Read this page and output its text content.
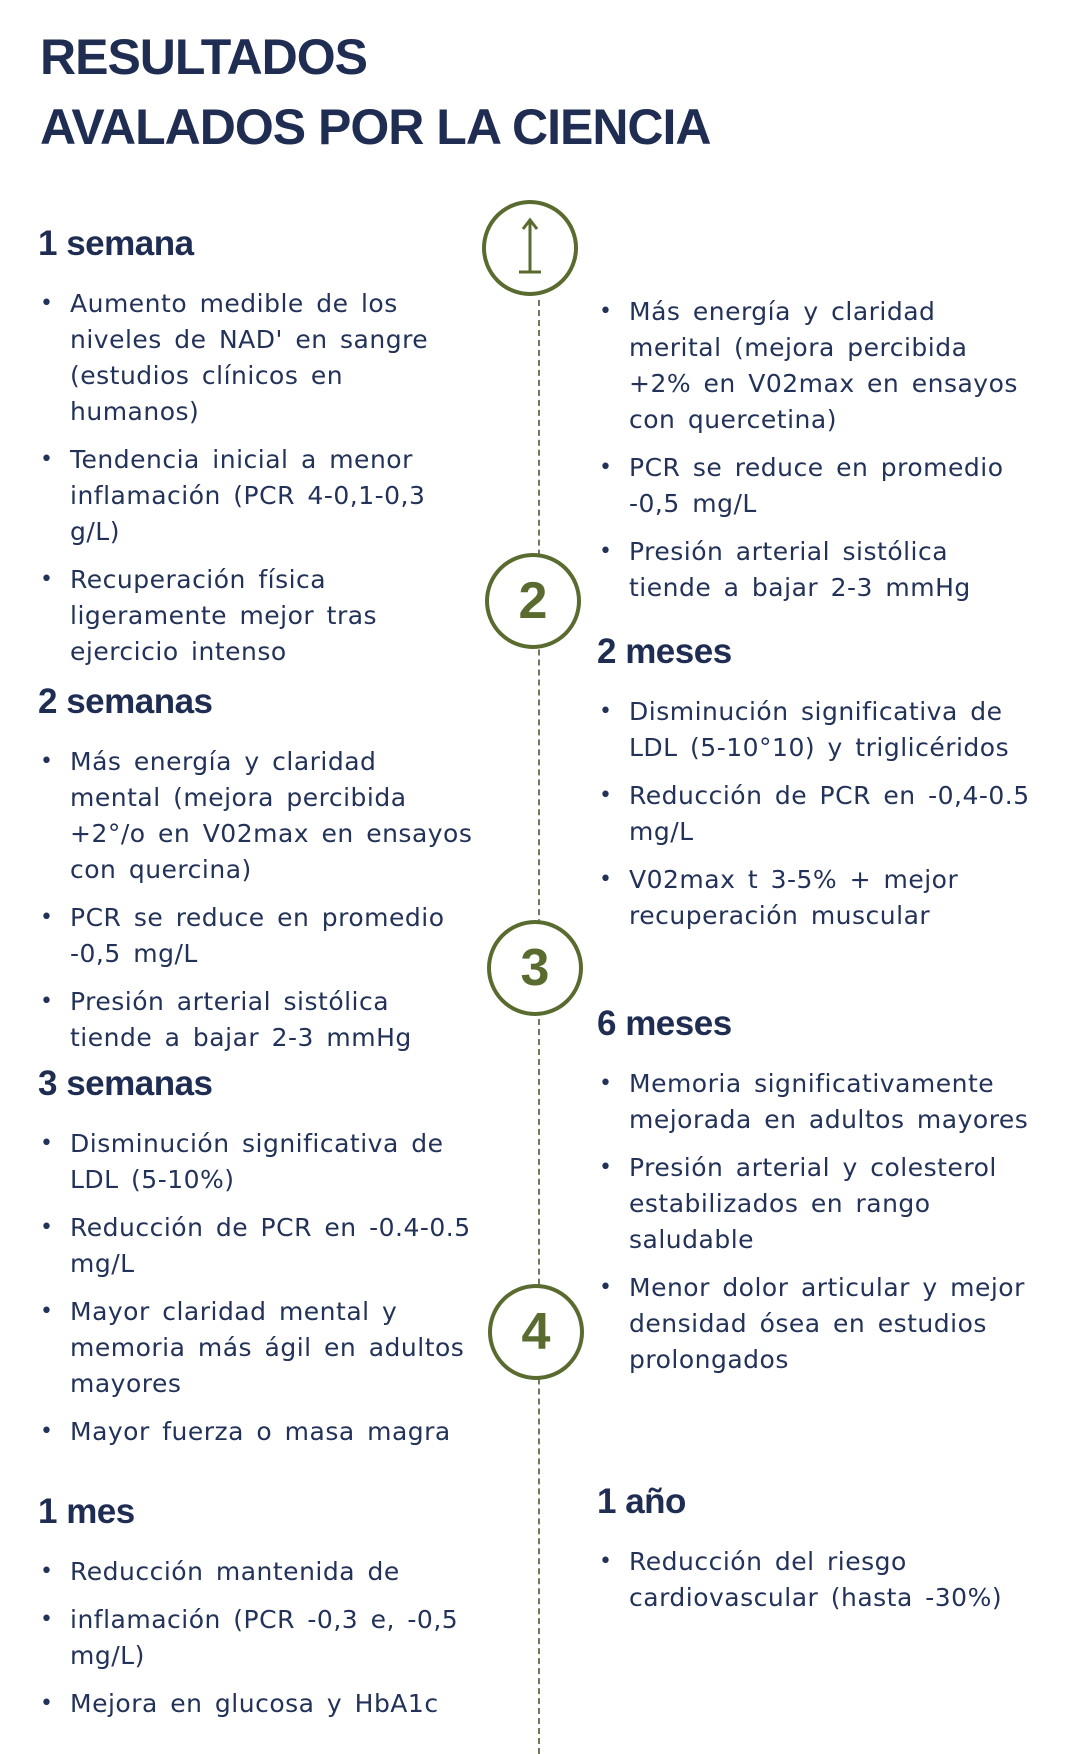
RESULTADOS
AVALADOS POR LA CIENCIA
2
3
4
1 semana
• Aumento medible de los niveles de NAD' en sangre (estudios clínicos en humanos)
• Tendencia inicial a menor inflamación (PCR 4-0,1-0,3 g/L)
• Recuperación física ligeramente mejor tras ejercicio intenso
2 semanas
• Más energía y claridad mental (mejora percibida +2°/o en V02max en ensayos con quercina)
• PCR se reduce en promedio -0,5 mg/L
• Presión arterial sistólica tiende a bajar 2-3 mmHg
3 semanas
• Disminución significativa de LDL (5-10%)
• Reducción de PCR en -0.4-0.5 mg/L
• Mayor claridad mental y memoria más ágil en adultos mayores
• Mayor fuerza o masa magra
1 mes
• Reducción mantenida de
• inflamación (PCR -0,3 e, -0,5 mg/L)
• Mejora en glucosa y HbA1c
• Más energía y claridad merital (mejora percibida +2% en V02max en ensayos con quercetina)
• PCR se reduce en promedio -0,5 mg/L
• Presión arterial sistólica tiende a bajar 2-3 mmHg
2 meses
• Disminución significativa de LDL (5-10°10) y triglicéridos
• Reducción de PCR en -0,4-0.5 mg/L
• V02max t 3-5% + mejor recuperación muscular
6 meses
• Memoria significativamente mejorada en adultos mayores
• Presión arterial y colesterol estabilizados en rango saludable
• Menor dolor articular y mejor densidad ósea en estudios prolongados
1 año
• Reducción del riesgo cardiovascular (hasta -30%)
